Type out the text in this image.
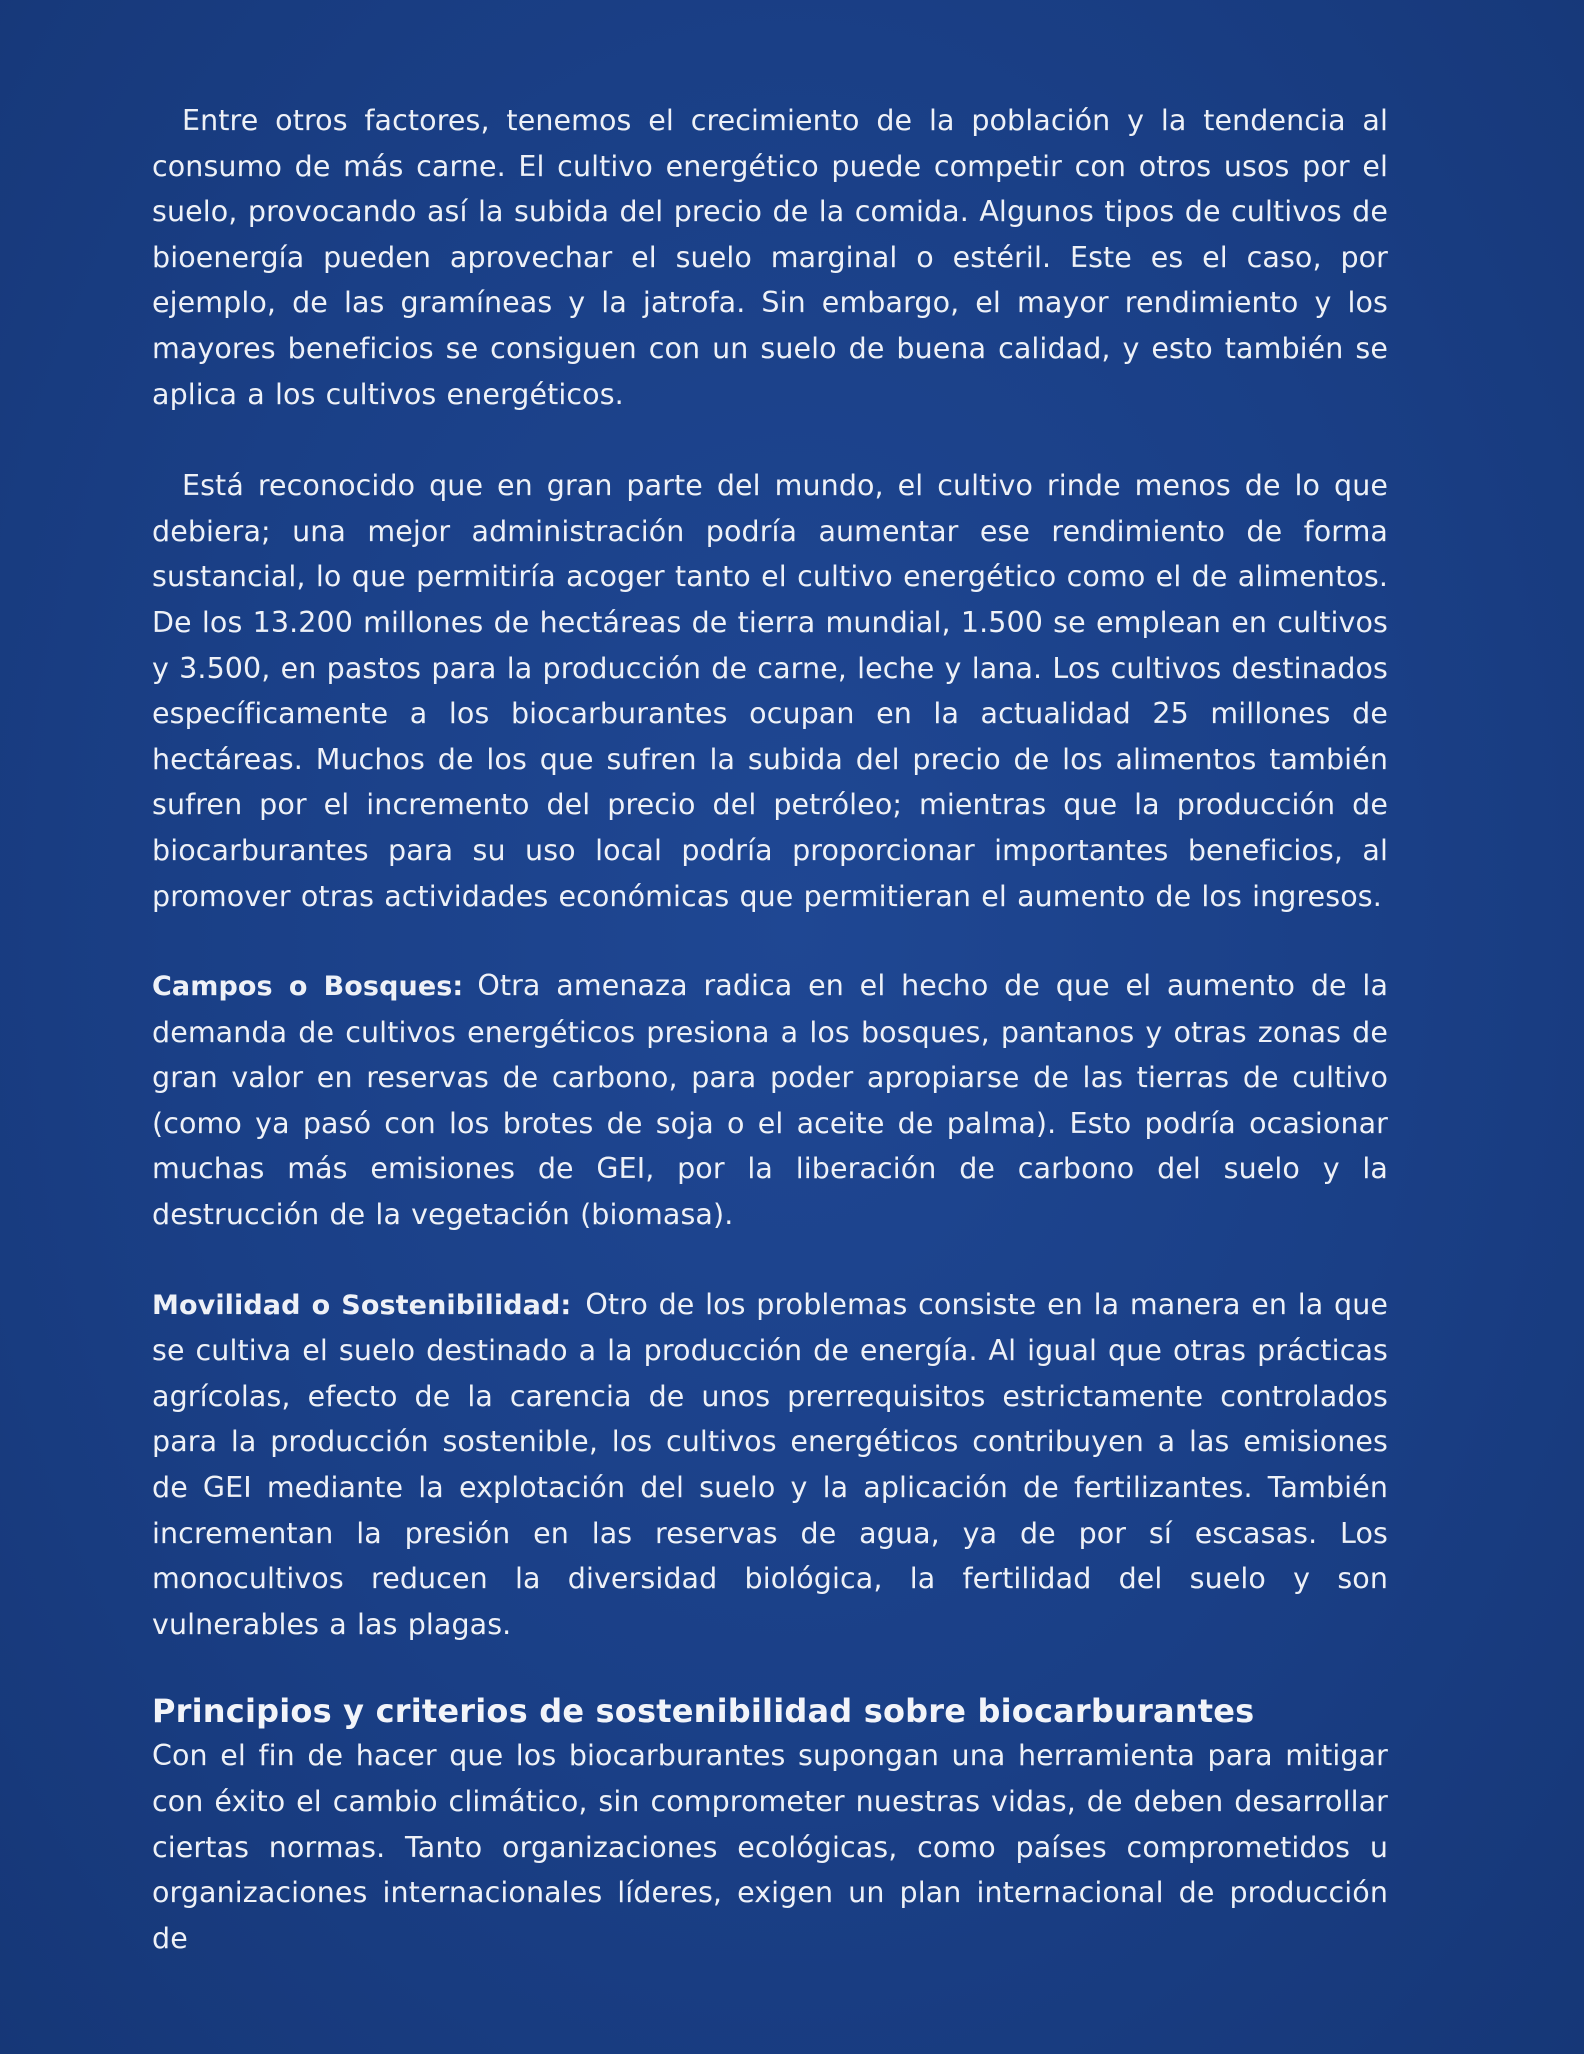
Entre otros factores, tenemos el crecimiento de la población y la tendencia al consumo de más carne. El cultivo energético puede competir con otros usos por el suelo, provocando así la subida del precio de la comida. Algunos tipos de cultivos de bioenergía pueden aprovechar el suelo marginal o estéril. Este es el caso, por ejemplo, de las gramíneas y la jatrofa. Sin embargo, el mayor rendimiento y los mayores beneficios se consiguen con un suelo de buena calidad, y esto también se aplica a los cultivos energéticos.

Está reconocido que en gran parte del mundo, el cultivo rinde menos de lo que debiera; una mejor administración podría aumentar ese rendimiento de forma sustancial, lo que permitiría acoger tanto el cultivo energético como el de alimentos. De los 13.200 millones de hectáreas de tierra mundial, 1.500 se emplean en cultivos y 3.500, en pastos para la producción de carne, leche y lana. Los cultivos destinados específicamente a los biocarburantes ocupan en la actualidad 25 millones de hectáreas. Muchos de los que sufren la subida del precio de los alimentos también sufren por el incremento del precio del petróleo; mientras que la producción de biocarburantes para su uso local podría proporcionar importantes beneficios, al promover otras actividades económicas que permitieran el aumento de los ingresos.

Campos o Bosques: Otra amenaza radica en el hecho de que el aumento de la demanda de cultivos energéticos presiona a los bosques, pantanos y otras zonas de gran valor en reservas de carbono, para poder apropiarse de las tierras de cultivo (como ya pasó con los brotes de soja o el aceite de palma). Esto podría ocasionar muchas más emisiones de GEI, por la liberación de carbono del suelo y la destrucción de la vegetación (biomasa).

Movilidad o Sostenibilidad: Otro de los problemas consiste en la manera en la que se cultiva el suelo destinado a la producción de energía. Al igual que otras prácticas agrícolas, efecto de la carencia de unos prerrequisitos estrictamente controlados para la producción sostenible, los cultivos energéticos contribuyen a las emisiones de GEI mediante la explotación del suelo y la aplicación de fertilizantes. También incrementan la presión en las reservas de agua, ya de por sí escasas. Los monocultivos reducen la diversidad biológica, la fertilidad del suelo y son vulnerables a las plagas.

Principios y criterios de sostenibilidad sobre biocarburantes

Con el fin de hacer que los biocarburantes supongan una herramienta para mitigar con éxito el cambio climático, sin comprometer nuestras vidas, de deben desarrollar ciertas normas. Tanto organizaciones ecológicas, como países comprometidos u organizaciones internacionales líderes, exigen un plan internacional de producción de
